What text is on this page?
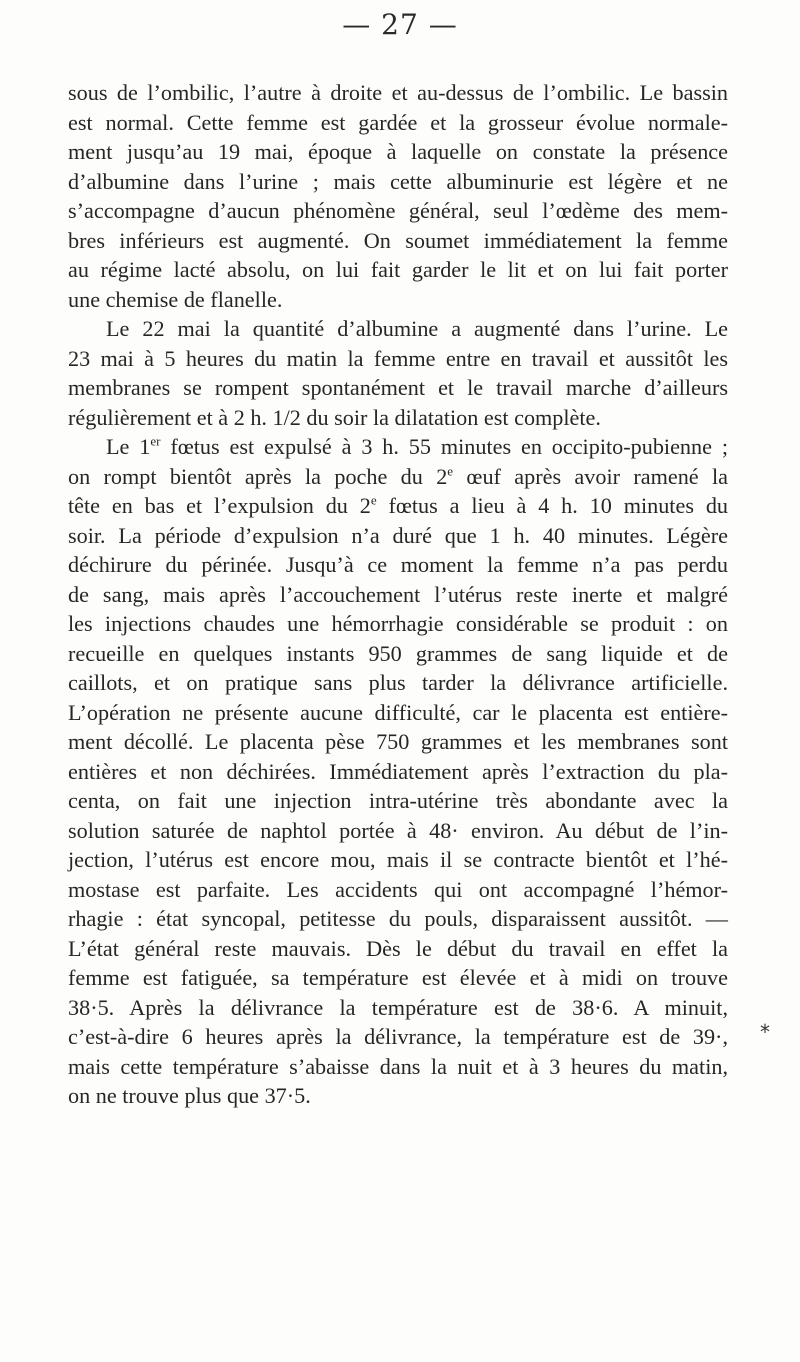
— 27 —
sous de l’ombilic, l’autre à droite et au-dessus de l’ombilic. Le bassin
est normal. Cette femme est gardée et la grosseur évolue normale-
ment jusqu’au 19 mai, époque à laquelle on constate la présence
d’albumine dans l’urine ; mais cette albuminurie est légère et ne
s’accompagne d’aucun phénomène général, seul l’œdème des mem-
bres inférieurs est augmenté. On soumet immédiatement la femme
au régime lacté absolu, on lui fait garder le lit et on lui fait porter
une chemise de flanelle.
Le 22 mai la quantité d’albumine a augmenté dans l’urine. Le
23 mai à 5 heures du matin la femme entre en travail et aussitôt les
membranes se rompent spontanément et le travail marche d’ailleurs
régulièrement et à 2 h. 1/2 du soir la dilatation est complète.
Le 1er fœtus est expulsé à 3 h. 55 minutes en occipito-pubienne ;
on rompt bientôt après la poche du 2e œuf après avoir ramené la
tête en bas et l’expulsion du 2e fœtus a lieu à 4 h. 10 minutes du
soir. La période d’expulsion n’a duré que 1 h. 40 minutes. Légère
déchirure du périnée. Jusqu’à ce moment la femme n’a pas perdu
de sang, mais après l’accouchement l’utérus reste inerte et malgré
les injections chaudes une hémorrhagie considérable se produit : on
recueille en quelques instants 950 grammes de sang liquide et de
caillots, et on pratique sans plus tarder la délivrance artificielle.
L’opération ne présente aucune difficulté, car le placenta est entière-
ment décollé. Le placenta pèse 750 grammes et les membranes sont
entières et non déchirées. Immédiatement après l’extraction du pla-
centa, on fait une injection intra-utérine très abondante avec la
solution saturée de naphtol portée à 48· environ. Au début de l’in-
jection, l’utérus est encore mou, mais il se contracte bientôt et l’hé-
mostase est parfaite. Les accidents qui ont accompagné l’hémor-
rhagie : état syncopal, petitesse du pouls, disparaissent aussitôt. —
L’état général reste mauvais. Dès le début du travail en effet la
femme est fatiguée, sa température est élevée et à midi on trouve
38·5. Après la délivrance la température est de 38·6. A minuit,
c’est-à-dire 6 heures après la délivrance, la température est de 39·,
mais cette température s’abaisse dans la nuit et à 3 heures du matin,
on ne trouve plus que 37·5.
*
